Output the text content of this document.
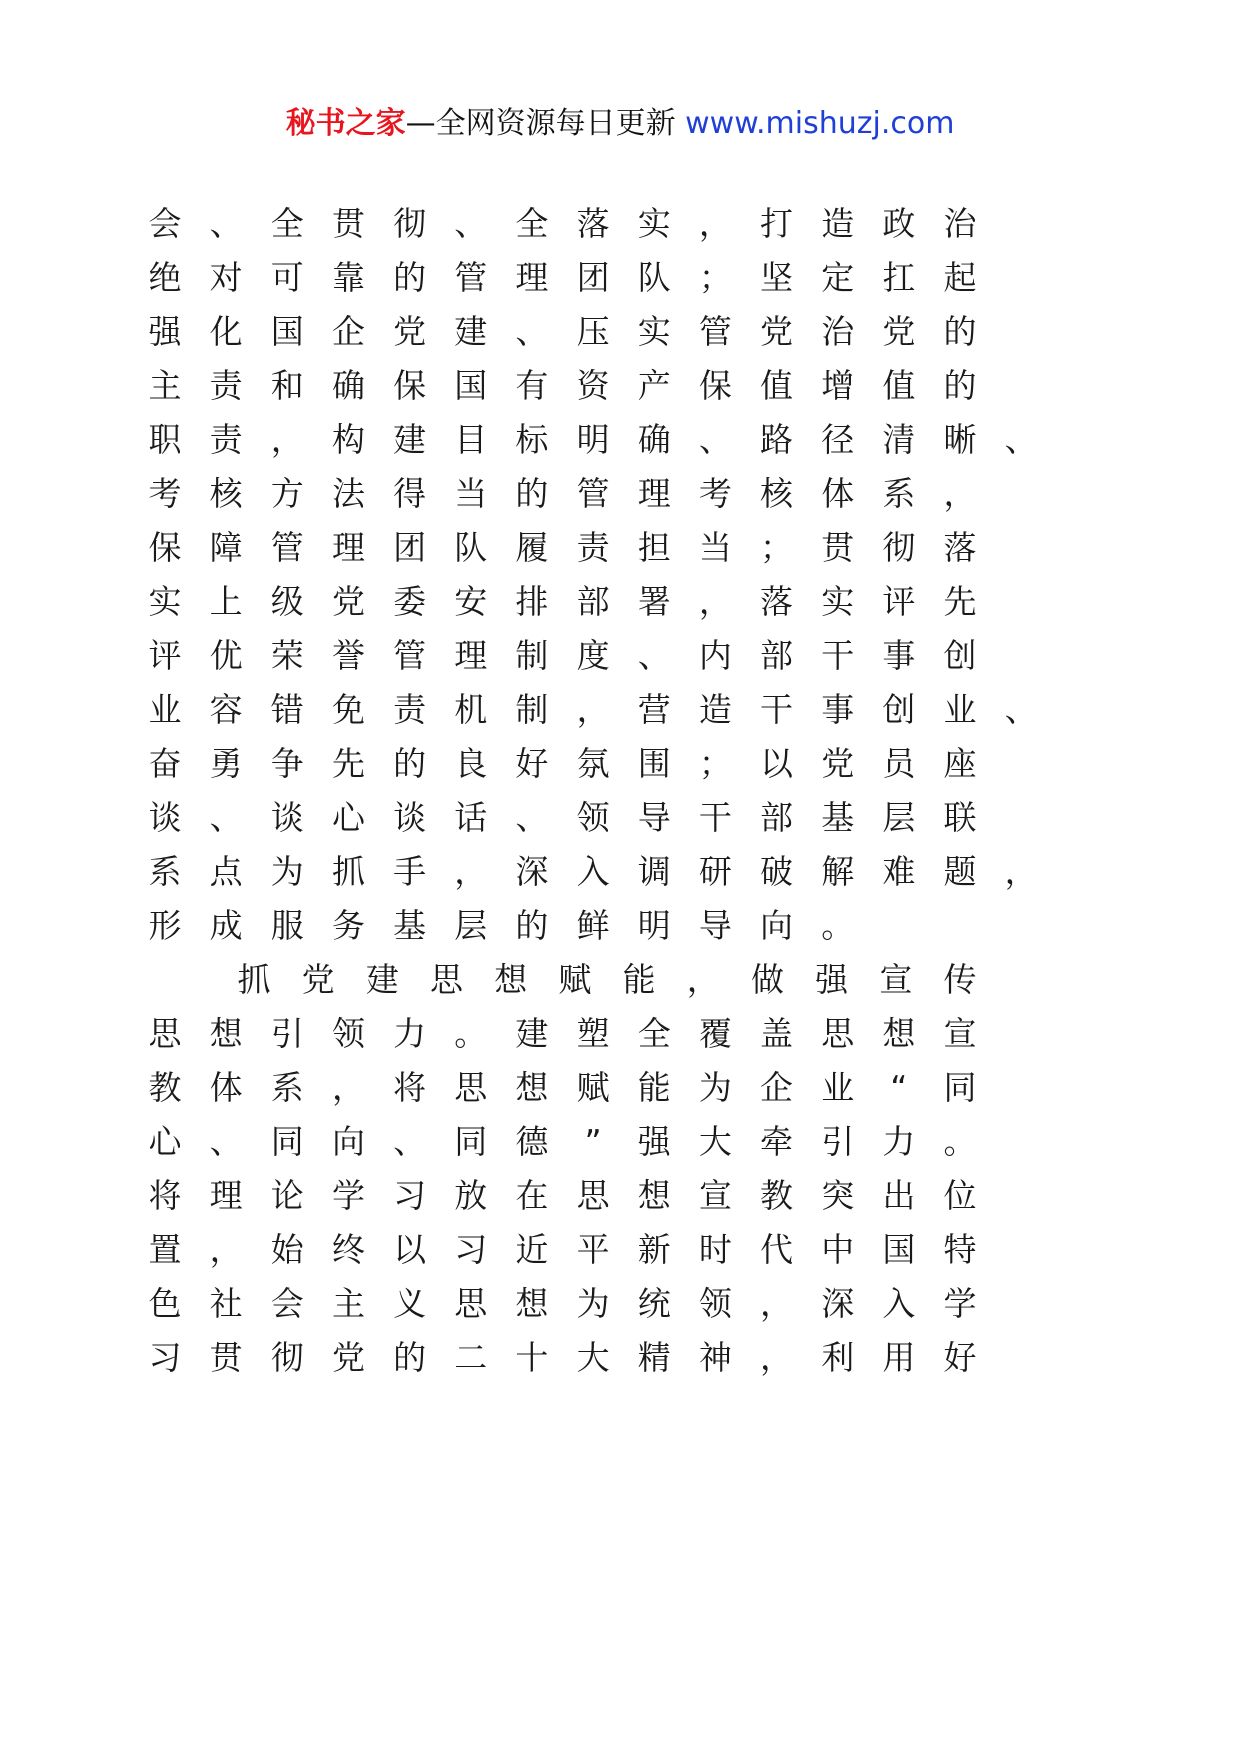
秘书之家—全网资源每日更新 www.mishuzj.com
会 、 全 贯 彻 、 全 落 实 ， 打 造 政 治
绝 对 可 靠 的 管 理 团 队 ； 坚 定 扛 起
强 化 国 企 党 建 、 压 实 管 党 治 党 的
主 责 和 确 保 国 有 资 产 保 值 增 值 的
职 责 ， 构 建 目 标 明 确 、 路 径 清 晰 、
考 核 方 法 得 当 的 管 理 考 核 体 系 ，
保 障 管 理 团 队 履 责 担 当 ； 贯 彻 落
实 上 级 党 委 安 排 部 署 ， 落 实 评 先
评 优 荣 誉 管 理 制 度 、 内 部 干 事 创
业 容 错 免 责 机 制 ， 营 造 干 事 创 业 、
奋 勇 争 先 的 良 好 氛 围 ； 以 党 员 座
谈 、 谈 心 谈 话 、 领 导 干 部 基 层 联
系 点 为 抓 手 ， 深 入 调 研 破 解 难 题 ，
形 成 服 务 基 层 的 鲜 明 导 向 。
抓 党 建 思 想 赋 能 ， 做 强 宣 传
思 想 引 领 力 。 建 塑 全 覆 盖 思 想 宣
教 体 系 ， 将 思 想 赋 能 为 企 业	“	同
心 、 同 向 、 同 德	”	强 大 牵 引 力 。
将 理 论 学 习 放 在 思 想 宣 教 突 出 位
置 ， 始 终 以 习 近 平 新 时 代 中 国 特
色 社 会 主 义 思 想 为 统 领 ， 深 入 学
习 贯 彻 党 的 二 十 大 精 神 ， 利 用 好
